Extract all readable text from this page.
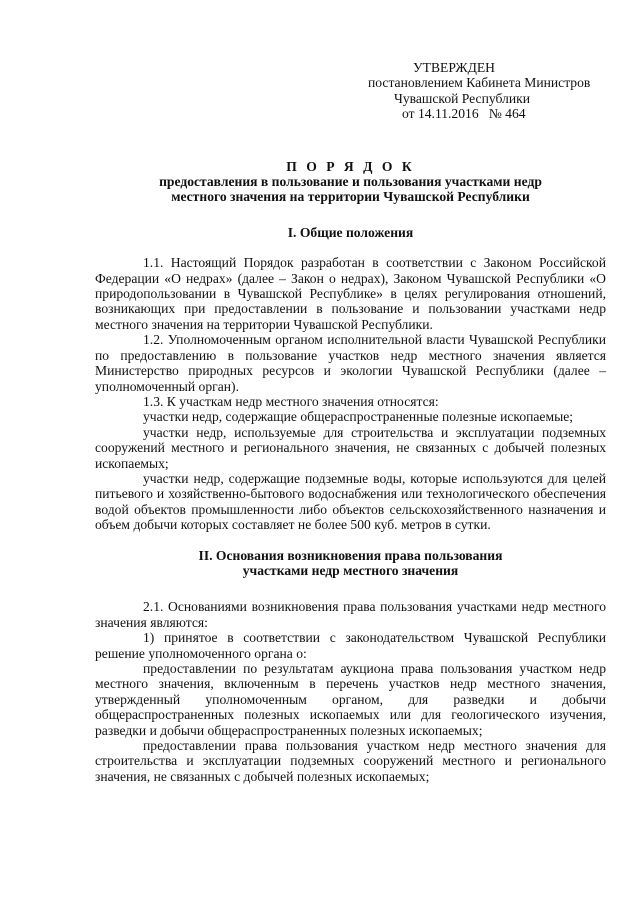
УТВЕРЖДЕН
постановлением Кабинета Министров
Чувашской Республики
от 14.11.2016   № 464
П О Р Я Д О К
предоставления в пользование и пользования участками недр
местного значения на территории Чувашской Республики
I. Общие положения

1.1. Настоящий Порядок разработан в соответствии с Законом Российской Федерации «О недрах» (далее – Закон о недрах), Законом Чувашской Республики «О природопользовании в Чувашской Республике» в целях регулирования отношений, возникающих при предоставлении в пользование и пользовании участками недр местного значения на территории Чувашской Республики.

1.2. Уполномоченным органом исполнительной власти Чувашской Республики по предоставлению в пользование участков недр местного значения является Министерство природных ресурсов и экологии Чувашской Республики (далее – уполномоченный орган).

1.3. К участкам недр местного значения относятся:

участки недр, содержащие общераспространенные полезные ископаемые;

участки недр, используемые для строительства и эксплуатации подземных сооружений местного и регионального значения, не связанных с добычей полезных ископаемых;

участки недр, содержащие подземные воды, которые используются для целей питьевого и хозяйственно-бытового водоснабжения или технологического обеспечения водой объектов промышленности либо объектов сельскохозяйственного назначения и объем добычи которых составляет не более 500 куб. метров в сутки.

II. Основания возникновения права пользования
участками недр местного значения

2.1. Основаниями возникновения права пользования участками недр местного значения являются:

1) принятое в соответствии с законодательством Чувашской Республики решение уполномоченного органа о:

предоставлении по результатам аукциона права пользования участком недр местного значения, включенным в перечень участков недр местного значения, утвержденный уполномоченным органом, для разведки и добычи общераспространенных полезных ископаемых или для геологического изучения, разведки и добычи общераспространенных полезных ископаемых;

предоставлении права пользования участком недр местного значения для строительства и эксплуатации подземных сооружений местного и регионального значения, не связанных с добычей полезных ископаемых;
